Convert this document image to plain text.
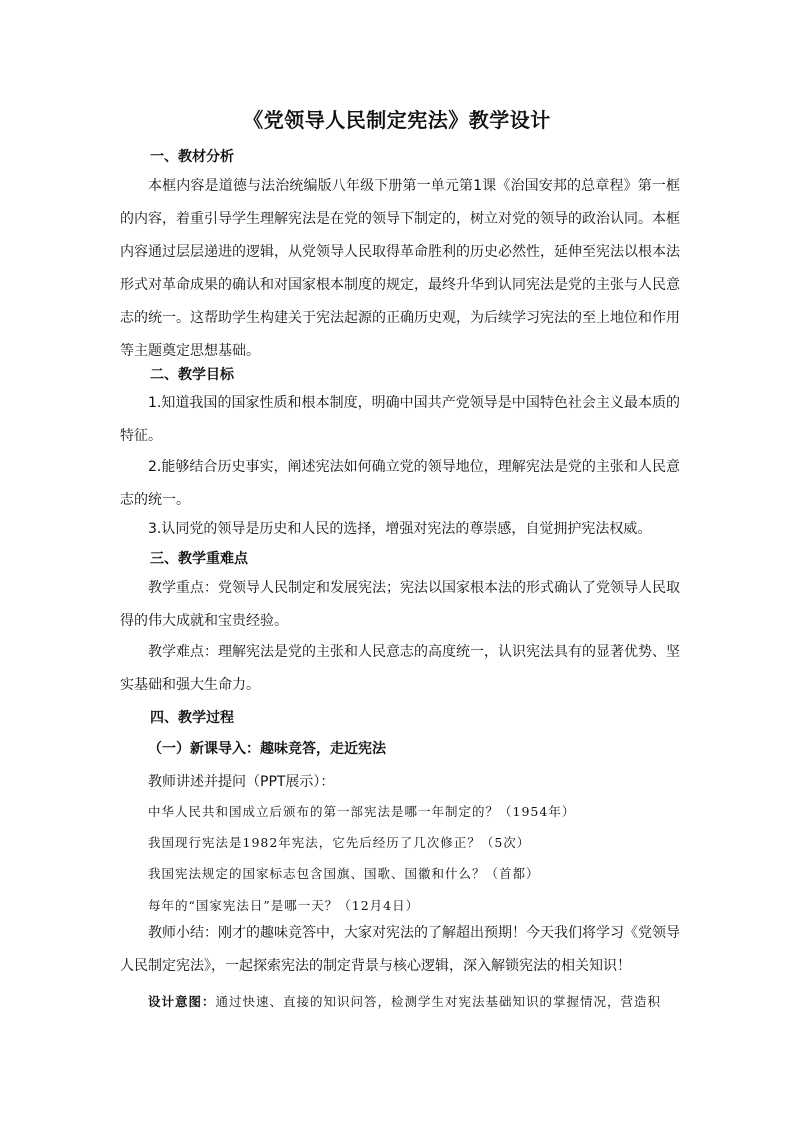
《党领导人民制定宪法》教学设计
一、教材分析

本框内容是道德与法治统编版八年级下册第一单元第1课《治国安邦的总章程》第一框的内容，着重引导学生理解宪法是在党的领导下制定的，树立对党的领导的政治认同。本框内容通过层层递进的逻辑，从党领导人民取得革命胜利的历史必然性，延伸至宪法以根本法形式对革命成果的确认和对国家根本制度的规定，最终升华到认同宪法是党的主张与人民意志的统一。这帮助学生构建关于宪法起源的正确历史观，为后续学习宪法的至上地位和作用等主题奠定思想基础。

二、教学目标

1.知道我国的国家性质和根本制度，明确中国共产党领导是中国特色社会主义最本质的特征。

2.能够结合历史事实，阐述宪法如何确立党的领导地位，理解宪法是党的主张和人民意志的统一。

3.认同党的领导是历史和人民的选择，增强对宪法的尊崇感，自觉拥护宪法权威。

三、教学重难点

教学重点：党领导人民制定和发展宪法；宪法以国家根本法的形式确认了党领导人民取得的伟大成就和宝贵经验。

教学难点：理解宪法是党的主张和人民意志的高度统一，认识宪法具有的显著优势、坚实基础和强大生命力。

四、教学过程
（一）新课导入：趣味竞答，走近宪法
教师讲述并提问（PPT展示）：
中华人民共和国成立后颁布的第一部宪法是哪一年制定的？（1954年）
我国现行宪法是1982年宪法，它先后经历了几次修正？（5次）
我国宪法规定的国家标志包含国旗、国歌、国徽和什么？（首都）
每年的“国家宪法日”是哪一天？（12月4日）

教师小结：刚才的趣味竞答中，大家对宪法的了解超出预期！今天我们将学习《党领导人民制定宪法》，一起探索宪法的制定背景与核心逻辑，深入解锁宪法的相关知识！

设计意图：通过快速、直接的知识问答，检测学生对宪法基础知识的掌握情况，营造积
